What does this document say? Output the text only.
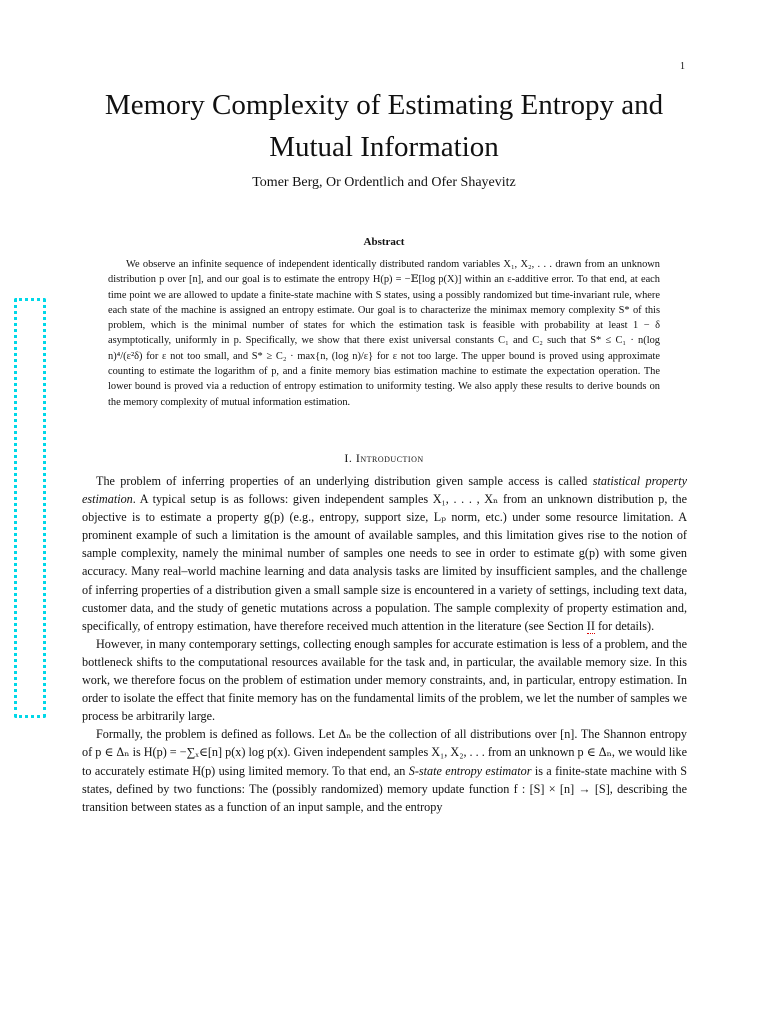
1
Memory Complexity of Estimating Entropy and Mutual Information
Tomer Berg, Or Ordentlich and Ofer Shayevitz
Abstract

We observe an infinite sequence of independent identically distributed random variables X₁, X₂, . . . drawn from an unknown distribution p over [n], and our goal is to estimate the entropy H(p) = −𝔼[log p(X)] within an ε-additive error. To that end, at each time point we are allowed to update a finite-state machine with S states, using a possibly randomized but time-invariant rule, where each state of the machine is assigned an entropy estimate. Our goal is to characterize the minimax memory complexity S* of this problem, which is the minimal number of states for which the estimation task is feasible with probability at least 1 − δ asymptotically, uniformly in p. Specifically, we show that there exist universal constants C₁ and C₂ such that S* ≤ C₁ · n(log n)⁴/(ε²δ) for ε not too small, and S* ≥ C₂ · max{n, (log n)/ε} for ε not too large. The upper bound is proved using approximate counting to estimate the logarithm of p, and a finite memory bias estimation machine to estimate the expectation operation. The lower bound is proved via a reduction of entropy estimation to uniformity testing. We also apply these results to derive bounds on the memory complexity of mutual information estimation.

I. Introduction

The problem of inferring properties of an underlying distribution given sample access is called statistical property estimation. A typical setup is as follows: given independent samples X₁, . . . , Xₙ from an unknown distribution p, the objective is to estimate a property g(p) (e.g., entropy, support size, Lₚ norm, etc.) under some resource limitation. A prominent example of such a limitation is the amount of available samples, and this limitation gives rise to the notion of sample complexity, namely the minimal number of samples one needs to see in order to estimate g(p) with some given accuracy. Many real–world machine learning and data analysis tasks are limited by insufficient samples, and the challenge of inferring properties of a distribution given a small sample size is encountered in a variety of settings, including text data, customer data, and the study of genetic mutations across a population. The sample complexity of property estimation and, specifically, of entropy estimation, have therefore received much attention in the literature (see Section II for details).

However, in many contemporary settings, collecting enough samples for accurate estimation is less of a problem, and the bottleneck shifts to the computational resources available for the task and, in particular, the available memory size. In this work, we therefore focus on the problem of estimation under memory constraints, and, in particular, entropy estimation. In order to isolate the effect that finite memory has on the fundamental limits of the problem, we let the number of samples we process be arbitrarily large.

Formally, the problem is defined as follows. Let Δₙ be the collection of all distributions over [n]. The Shannon entropy of p ∈ Δₙ is H(p) = −∑ₓ∈[n] p(x) log p(x). Given independent samples X₁, X₂, . . . from an unknown p ∈ Δₙ, we would like to accurately estimate H(p) using limited memory. To that end, an S-state entropy estimator is a finite-state machine with S states, defined by two functions: The (possibly randomized) memory update function f : [S] × [n] → [S], describing the transition between states as a function of an input sample, and the entropy
